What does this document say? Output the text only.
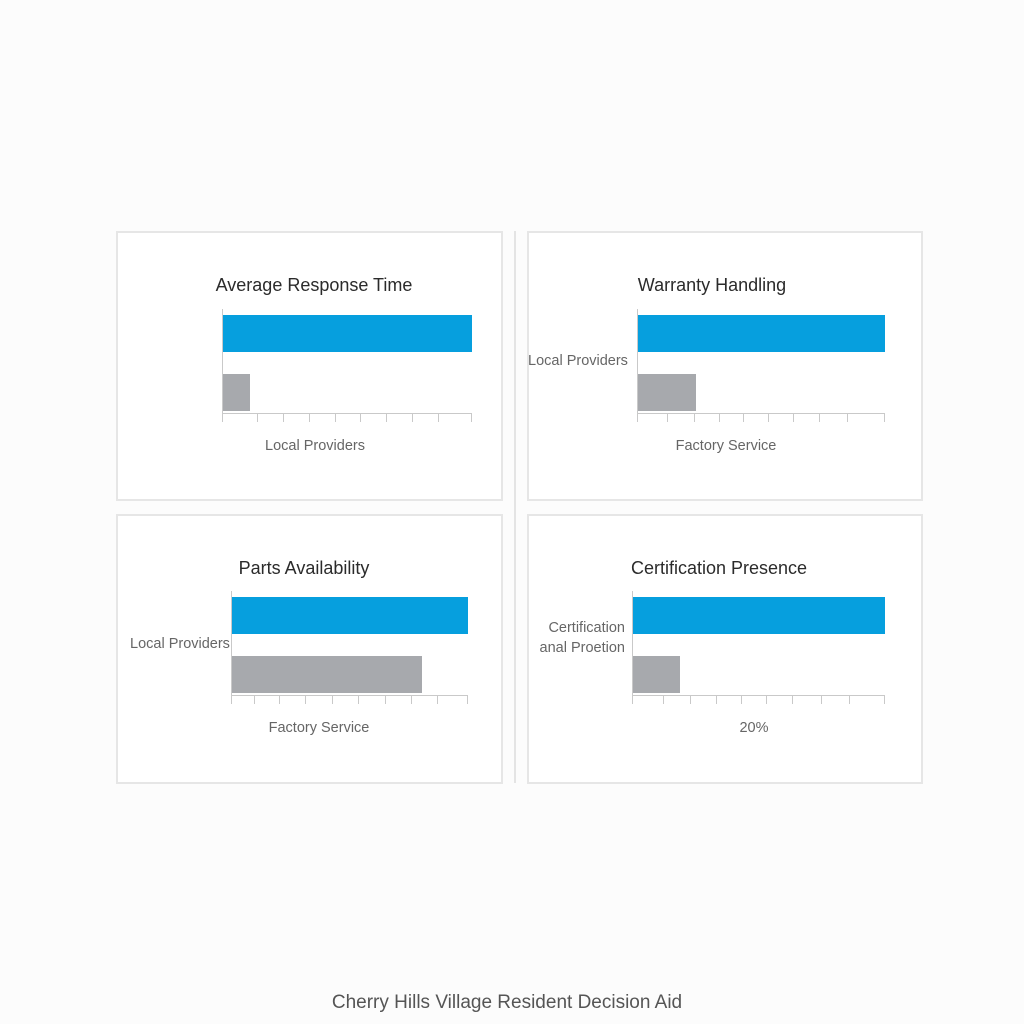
Average Response Time
Local Providers
Warranty Handling
Local Providers
Factory Service
Parts Availability
Local Providers
Factory Service
Certification Presence
Certification
anal Proetion
20%
Cherry Hills Village Resident Decision Aid
